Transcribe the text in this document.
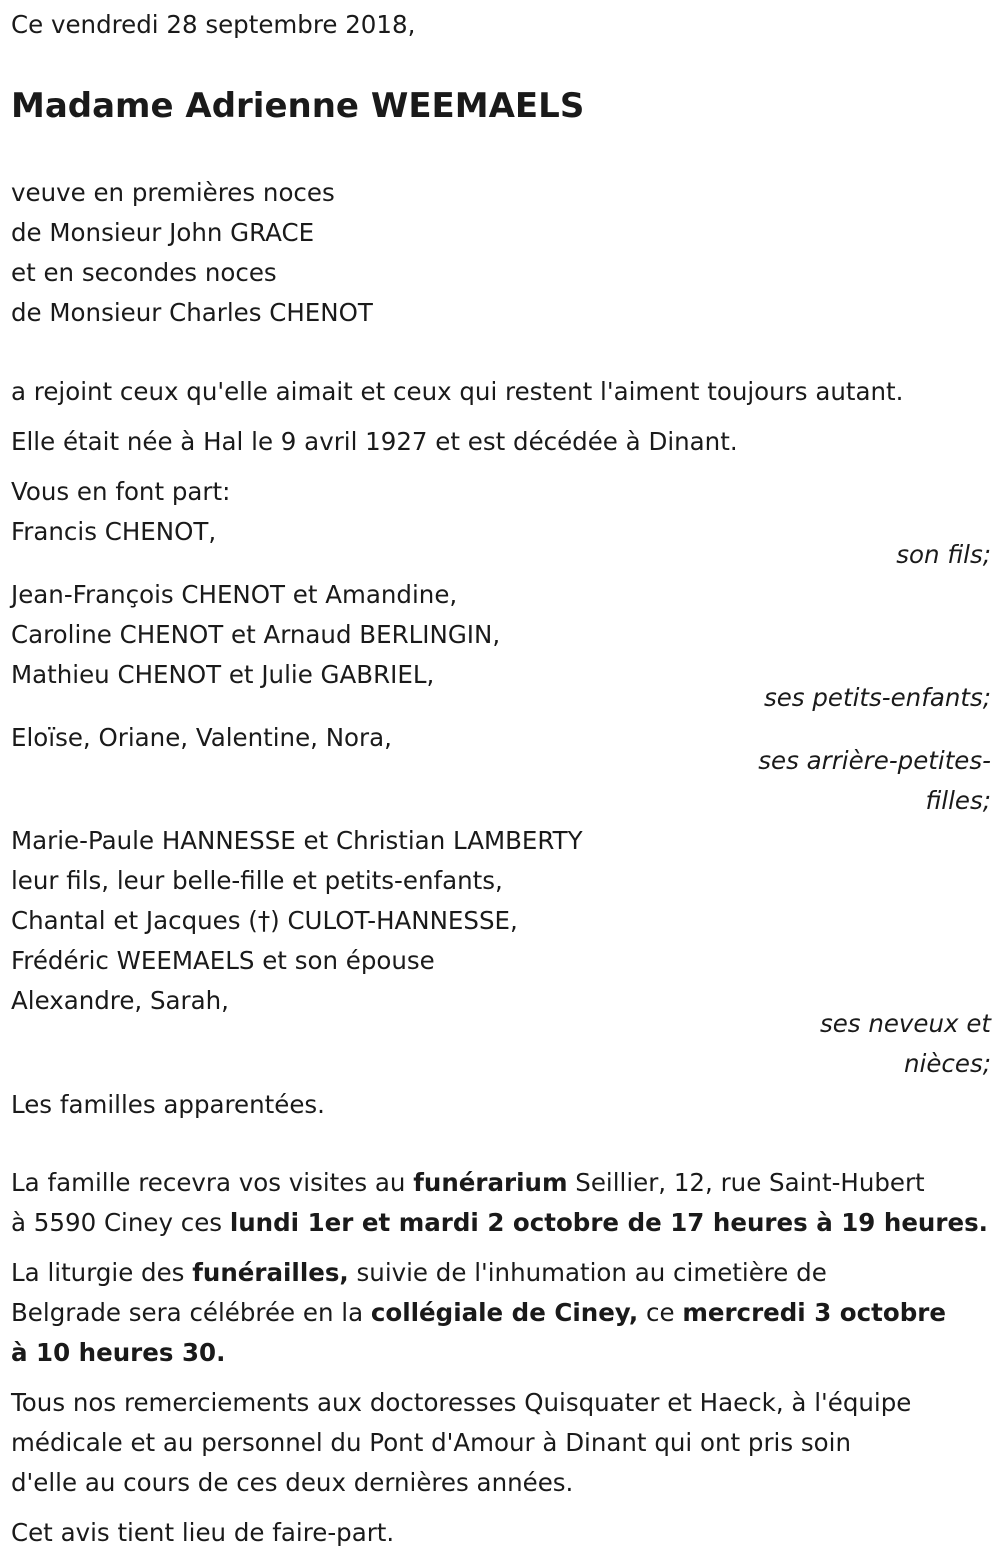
Ce vendredi 28 septembre 2018,
Madame Adrienne WEEMAELS
veuve en premières noces
de Monsieur John GRACE
et en secondes noces
de Monsieur Charles CHENOT
a rejoint ceux qu'elle aimait et ceux qui restent l'aiment toujours autant.
Elle était née à Hal le 9 avril 1927 et est décédée à Dinant.
Vous en font part:
Francis CHENOT,
son fils;
Jean-François CHENOT et Amandine,
Caroline CHENOT et Arnaud BERLINGIN,
Mathieu CHENOT et Julie GABRIEL,
ses petits-enfants;
Eloïse, Oriane, Valentine, Nora,
ses arrière-petites-
filles;
Marie-Paule HANNESSE et Christian LAMBERTY
leur fils, leur belle-fille et petits-enfants,
Chantal et Jacques (†) CULOT-HANNESSE,
Frédéric WEEMAELS et son épouse
Alexandre, Sarah,
ses neveux et
nièces;
Les familles apparentées.
La famille recevra vos visites au funérarium Seillier, 12, rue Saint-Hubert
à 5590 Ciney ces lundi 1er et mardi 2 octobre de 17 heures à 19 heures.
La liturgie des funérailles, suivie de l'inhumation au cimetière de
Belgrade sera célébrée en la collégiale de Ciney, ce mercredi 3 octobre
à 10 heures 30.
Tous nos remerciements aux doctoresses Quisquater et Haeck, à l'équipe
médicale et au personnel du Pont d'Amour à Dinant qui ont pris soin
d'elle au cours de ces deux dernières années.
Cet avis tient lieu de faire-part.
